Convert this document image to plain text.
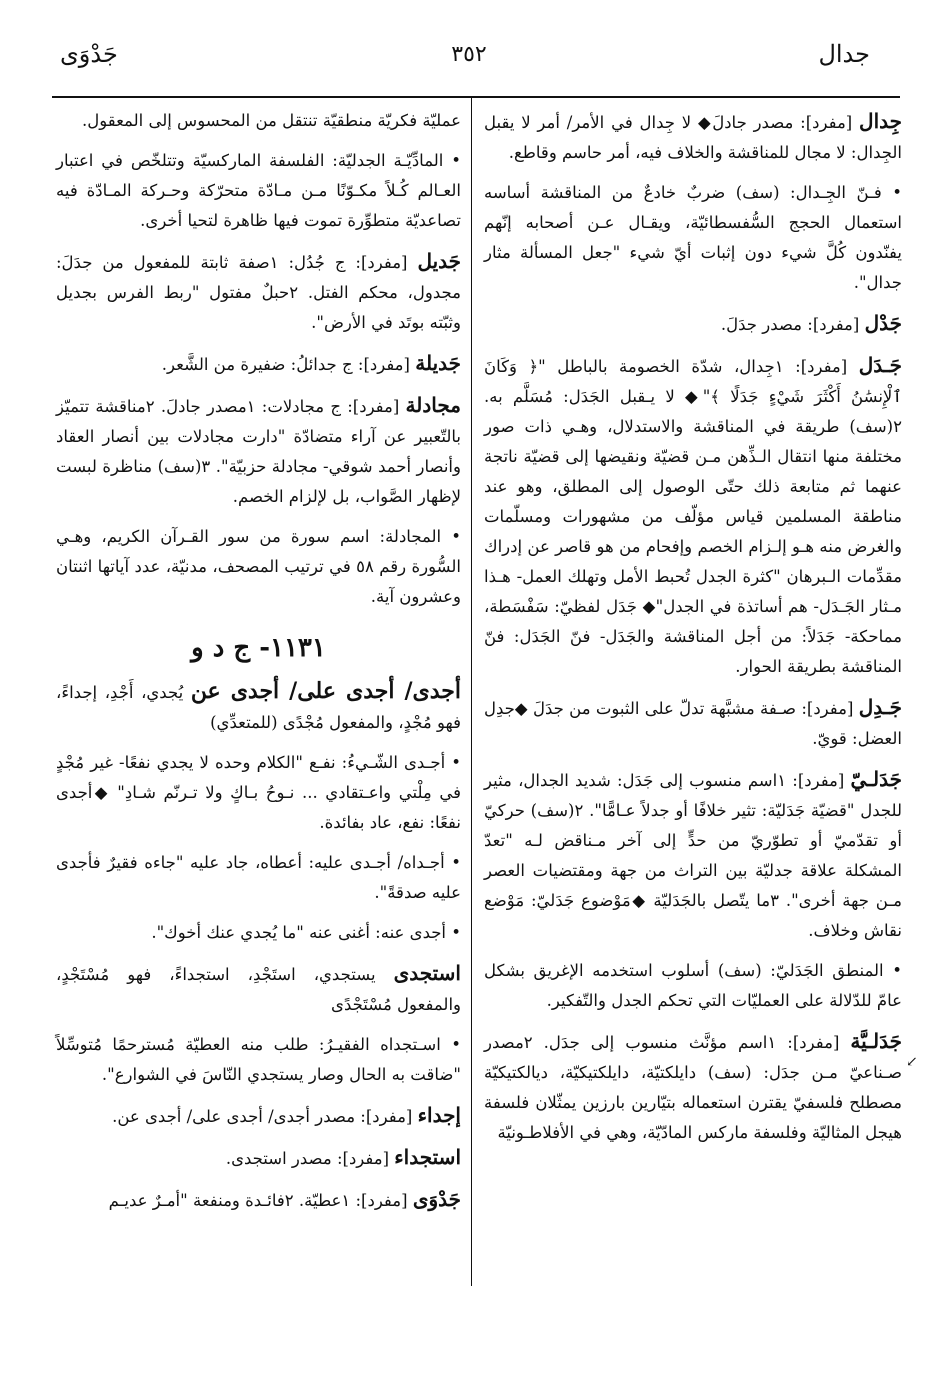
جدال
٣٥٢
جَدْوَى
↙

جِدال [مفرد]: مصدر جادلَ◆ لا جِدال في الأمر/ أمر لا يقبل الجِدال: لا مجال للمناقشة والخلاف فيه، أمر حاسم وقاطع.

• فـنّ الجِـدال: (سف) ضربٌ خادعٌ من المناقشة أساسه استعمال الحجج السُّفسطائيّة، ويقـال عـن أصحابه إنّهم يفنّدون كُلَّ شيء دون إثبات أيّ شيء "جعل المسألة مثار جدال".

جَدْل [مفرد]: مصدر جدَلَ.

جَـدَل [مفرد]: ١جِدال، شدّة الخصومة بالباطل "﴿ وَكَانَ ٱلْإِنسَٰنُ أَكْثَرَ شَيْءٍ جَدَلًا ﴾"◆ لا يـقبل الجَدَل: مُسَلَّم به. ٢(سف) طريقة في المناقشة والاستدلال، وهـي ذات صور مختلفة منها انتقال الـذِّهن مـن قضيّة ونقيضها إلى قضيّة ناتجة عنهما ثم متابعة ذلك حتّى الوصول إلى المطلق، وهو عند مناطقة المسلمين قياس مؤلّف من مشهورات ومسلّمات والغرض منه هـو إلـزام الخصم وإفحام من هو قاصر عن إدراك مقدِّمات الـبرهان "كثرة الجدل تُحبط الأمل وتهلك العمل- هـذا مـثار الجَـدَل- هم أساتذة في الجدل"◆ جَدَل لفظيّ: سَفْسَطة، مماحكة- جَدَلاً: من أجل المناقشة والجَدَل- فنّ الجَدَل: فنّ المناقشة بطريقة الحوار.

جَـدِل [مفرد]: صـفة مشبَّهة تدلّ على الثبوت من جدَلَ ◆جدِل العضل: قويّ.

جَدَلـيّ [مفرد]: ١اسم منسوب إلى جَدَل: شديد الجدال، مثير للجدل "قضيّة جَدَليّة: تثير خلافًا أو جدلاً عـامًّا". ٢(سف) حركيّ أو تقدّميّ أو تطوّريّ من حدٍّ إلى آخر مـناقض لـه "تعدّ المشكلة علاقة جدليّة بين التراث من جهة ومقتضيات العصر مـن جهة أخرى". ٣ما يتّصل بالجَدَليّة ◆مَوْضوع جَدَليّ: مَوْضع نقاش وخلاف.

• المنطق الجَدَليّ: (سف) أسلوب استخدمه الإغريق بشكل عامّ للدّلالة على العمليّات التي تحكم الجدل والتّفكير.

جَدَلـيَّة [مفرد]: ١اسم مؤنَّث منسوب إلى جدَل. ٢مصدر صـناعيّ مـن جدَل: (سف) دايلكتيّة، دايلكتيكيّة، ديالكتيكيّة مصطلح فلسفيّ يقترن استعماله بتيّارين بارزين يمثّلان فلسفة هيجل المثاليّة وفلسفة ماركس المادّيّة، وهي في الأفلاطـونيّة

عمليّة فكريّة منطقيّة تنتقل من المحسوس إلى المعقول.

• المادِّيّـة الجدليّة: الفلسفة الماركسيّة وتتلخّص في اعتبار العـالم كُـلاً مكـوّنًا مـن مـادّة متحرّكة وحـركة المـادّة فيه تصاعديّة متطوِّرة تموت فيها ظاهرة لتحيا أخرى.

جَديل [مفرد]: ج جُدُل: ١صفة ثابتة للمفعول من جدَلَ: مجدول، محكم الفتل. ٢حبلٌ مفتول "ربط الفرس بجديل وثبّته بوتَد في الأرض".

جَديلة [مفرد]: ج جدائلُ: ضفيرة من الشَّعر.

مجادلة [مفرد]: ج مجادلات: ١مصدر جادلَ. ٢مناقشة تتميّز بالتّعبير عن آراء متضادّة "دارت مجادلات بين أنصار العقاد وأنصار أحمد شوقي- مجادلة حزبيّة". ٣(سف) مناظرة لبست لإظهار الصَّواب، بل لإلزام الخصم.

• المجادلة: اسم سورة من سور القـرآن الكريم، وهـي السُّورة رقم ٥٨ في ترتيب المصحف، مدنيّة، عدد آياتها اثنتان وعشرون آية.

١١٣١- ج د و

أجدى/ أجدى على/ أجدى عن يُجدي، أَجْدِ، إجداءً، فهو مُجْدٍ، والمفعول مُجْدًى (للمتعدِّي)

• أجـدى الشّـيءُ: نفـع "الكلام وحده لا يجدي نفعًا- غير مُجْدٍ في مِلْتي واعـتقادي ... نـوحُ بـاكٍ ولا تـرنّم شـادِ" ◆أجدى نفعًا: نفع، عاد بفائدة.

• أجـداه/ أجـدى عليه: أعطاه، جاد عليه "جاءه فقيرٌ فأجدى عليه صدقةً".

• أجدى عنه: أغنى عنه "ما يُجدي عنك أخوك".

استجدى يستجدي، استَجْدِ، استجداءً، فهو مُسْتَجْدٍ، والمفعول مُسْتَجْدًى

• اسـتجداه الفقيـرُ: طلب منه العطيّة مُسترحمًا مُتوسِّلاً "ضاقت به الحال وصار يستجدي النّاسَ في الشوارع".

إجداء [مفرد]: مصدر أجدى/ أجدى على/ أجدى عن.

استجداء [مفرد]: مصدر استجدى.

جَدْوَى [مفرد]: ١عطيّة. ٢فائـدة ومنفعة "أمـرٌ عديـم
